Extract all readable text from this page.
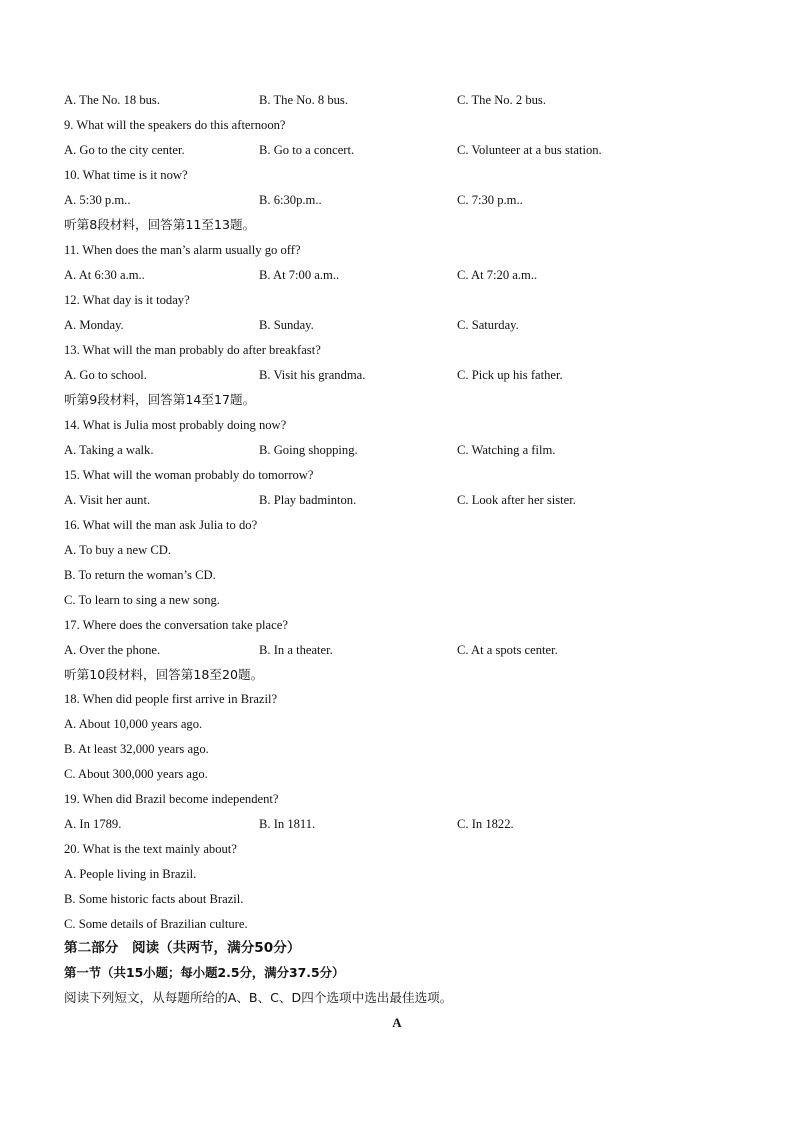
A. The No. 18 bus.	B. The No. 8 bus.	C. The No. 2 bus.
9. What will the speakers do this afternoon?
A. Go to the city center.	B. Go to a concert.	C. Volunteer at a bus station.
10. What time is it now?
A. 5:30 p.m..	B. 6:30p.m..	C. 7:30 p.m..
听第8段材料，回答第11至13题。
11. When does the man’s alarm usually go off?
A. At 6:30 a.m..	B. At 7:00 a.m..	C. At 7:20 a.m..
12. What day is it today?
A. Monday.	B. Sunday.	C. Saturday.
13. What will the man probably do after breakfast?
A. Go to school.	B. Visit his grandma.	C. Pick up his father.
听第9段材料，回答第14至17题。
14. What is Julia most probably doing now?
A. Taking a walk.	B. Going shopping.	C. Watching a film.
15. What will the woman probably do tomorrow?
A. Visit her aunt.	B. Play badminton.	C. Look after her sister.
16. What will the man ask Julia to do?
A. To buy a new CD.
B. To return the woman’s CD.
C. To learn to sing a new song.
17. Where does the conversation take place?
A. Over the phone.	B. In a theater.	C. At a spots center.
听第10段材料，回答第18至20题。
18. When did people first arrive in Brazil?
A. About 10,000 years ago.
B. At least 32,000 years ago.
C. About 300,000 years ago.
19. When did Brazil become independent?
A. In 1789.	B. In 1811.	C. In 1822.
20. What is the text mainly about?
A. People living in Brazil.
B. Some historic facts about Brazil.
C. Some details of Brazilian culture.
第二部分　阅读（共两节，满分50分）
第一节（共15小题；每小题2.5分，满分37.5分）
阅读下列短文，从每题所给的A、B、C、D四个选项中选出最佳选项。
A
